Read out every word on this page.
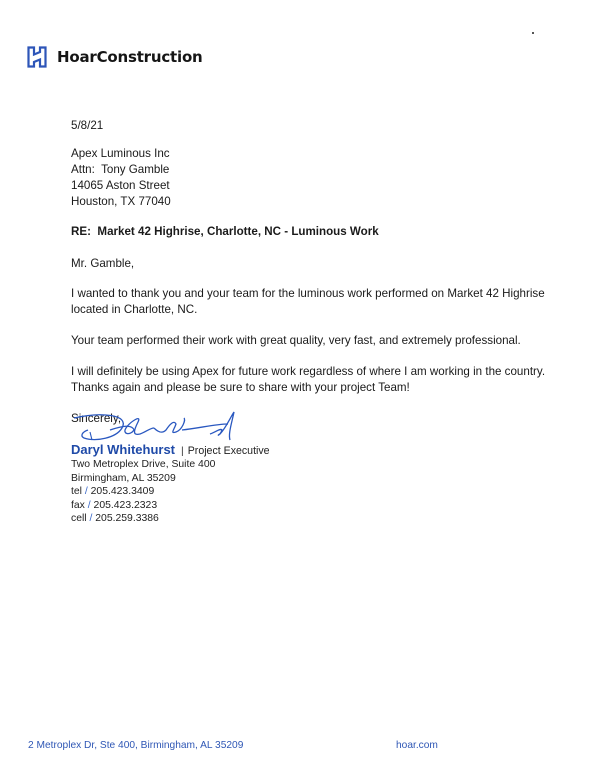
HoarConstruction

5/8/21

Apex Luminous Inc

Attn:  Tony Gamble

14065 Aston Street

Houston, TX 77040

RE:  Market 42 Highrise, Charlotte, NC - Luminous Work

Mr. Gamble,

I wanted to thank you and your team for the luminous work performed on Market 42 Highrise located in Charlotte, NC.

Your team performed their work with great quality, very fast, and extremely professional.

I will definitely be using Apex for future work regardless of where I am working in the country.  Thanks again and please be sure to share with your project Team!

Sincerely,

Daryl Whitehurst | Project Executive
Two Metroplex Drive, Suite 400
Birmingham, AL 35209
tel / 205.423.3409
fax / 205.423.2323
cell / 205.259.3386
2 Metroplex Dr, Ste 400, Birmingham, AL 35209	hoar.com
